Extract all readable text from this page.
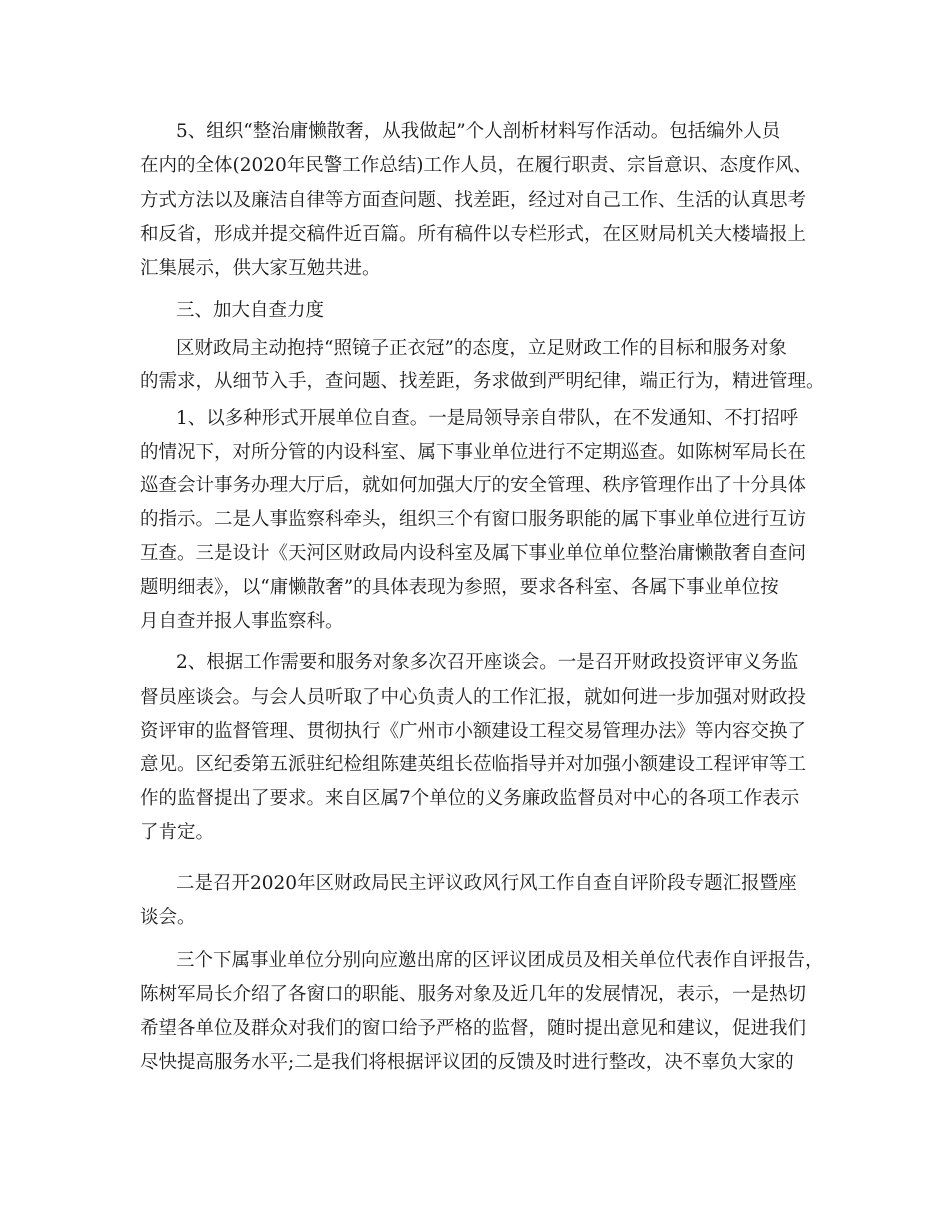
5、组织“整治庸懒散奢，从我做起”个人剖析材料写作活动。包括编外人员

在内的全体(2020年民警工作总结)工作人员，在履行职责、宗旨意识、态度作风、

方式方法以及廉洁自律等方面查问题、找差距，经过对自己工作、生活的认真思考

和反省，形成并提交稿件近百篇。所有稿件以专栏形式，在区财局机关大楼墙报上

汇集展示，供大家互勉共进。

三、加大自查力度

区财政局主动抱持“照镜子正衣冠”的态度，立足财政工作的目标和服务对象

的需求，从细节入手，查问题、找差距，务求做到严明纪律，端正行为，精进管理。

1、以多种形式开展单位自查。一是局领导亲自带队，在不发通知、不打招呼

的情况下，对所分管的内设科室、属下事业单位进行不定期巡查。如陈树军局长在

巡查会计事务办理大厅后，就如何加强大厅的安全管理、秩序管理作出了十分具体

的指示。二是人事监察科牵头，组织三个有窗口服务职能的属下事业单位进行互访

互查。三是设计《天河区财政局内设科室及属下事业单位单位整治庸懒散奢自查问

题明细表》，以“庸懒散奢”的具体表现为参照，要求各科室、各属下事业单位按

月自查并报人事监察科。

2、根据工作需要和服务对象多次召开座谈会。一是召开财政投资评审义务监

督员座谈会。与会人员听取了中心负责人的工作汇报，就如何进一步加强对财政投

资评审的监督管理、贯彻执行《广州市小额建设工程交易管理办法》等内容交换了

意见。区纪委第五派驻纪检组陈建英组长莅临指导并对加强小额建设工程评审等工

作的监督提出了要求。来自区属7个单位的义务廉政监督员对中心的各项工作表示

了肯定。

二是召开2020年区财政局民主评议政风行风工作自查自评阶段专题汇报暨座

谈会。

三个下属事业单位分别向应邀出席的区评议团成员及相关单位代表作自评报告，

陈树军局长介绍了各窗口的职能、服务对象及近几年的发展情况，表示，一是热切

希望各单位及群众对我们的窗口给予严格的监督，随时提出意见和建议，促进我们

尽快提高服务水平;二是我们将根据评议团的反馈及时进行整改，决不辜负大家的
